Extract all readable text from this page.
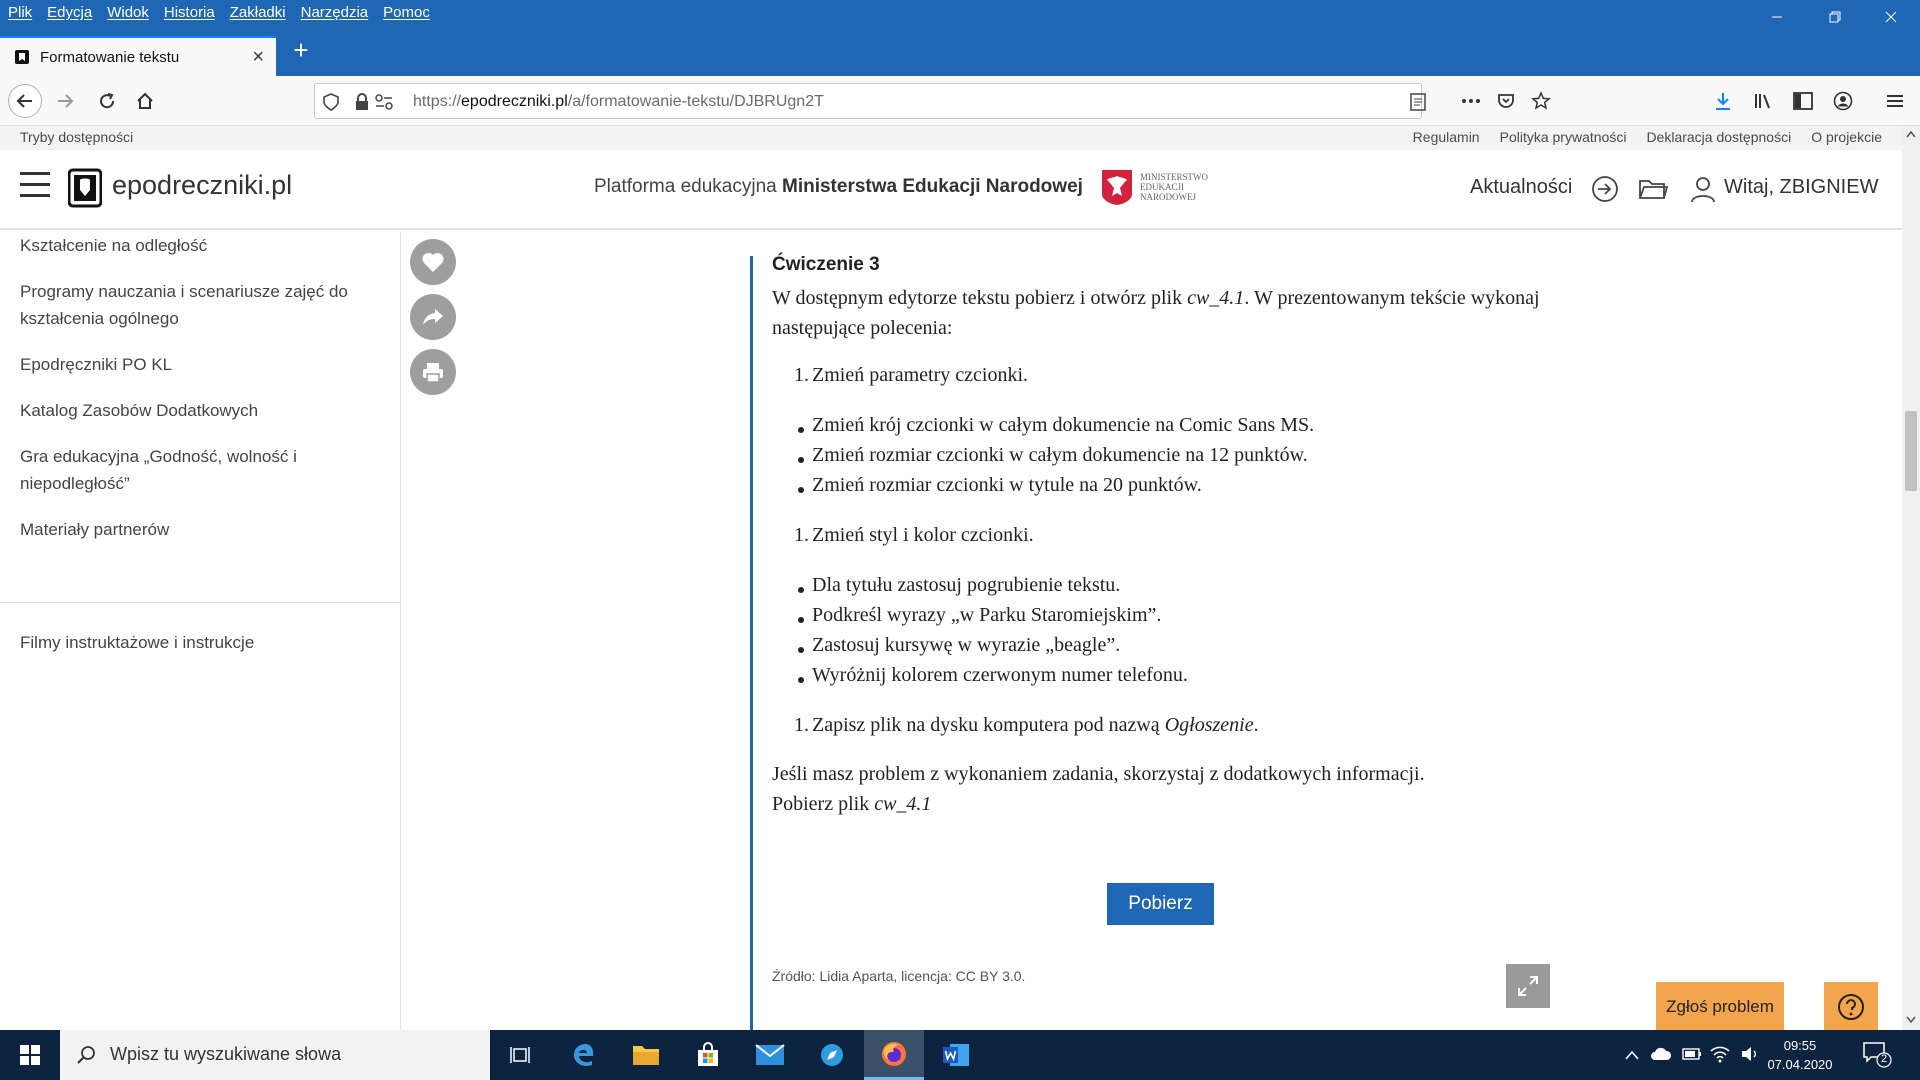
Plik Edycja Widok Historia Zakładki Narzędzia Pomoc
Formatowanie tekstu	× +
https://epodreczniki.pl/a/formatowanie-tekstu/DJBRUgn2T
Tryby dostępności	Regulamin Polityka prywatności Deklaracja dostępności O projekcie
epodreczniki.pl	Platforma edukacyjna Ministerstwa Edukacji Narodowej	MINISTERSTWO
EDUKACJI
NARODOWEJ	Aktualności	Witaj, ZBIGNIEW
Kształcenie na odległość
Programy nauczania i scenariusze zajęć do kształcenia ogólnego
Epodręczniki PO KL
Katalog Zasobów Dodatkowych
Gra edukacyjna „Godność, wolność i niepodległość”
Materiały partnerów
Filmy instruktażowe i instrukcje
Ćwiczenie 3
W dostępnym edytorze tekstu pobierz i otwórz plik cw_4.1. W prezentowanym tekście wykonaj następujące polecenia:
1. Zmień parametry czcionki.
Zmień krój czcionki w całym dokumencie na Comic Sans MS.
Zmień rozmiar czcionki w całym dokumencie na 12 punktów.
Zmień rozmiar czcionki w tytule na 20 punktów.
1. Zmień styl i kolor czcionki.
Dla tytułu zastosuj pogrubienie tekstu.
Podkreśl wyrazy „w Parku Staromiejskim”.
Zastosuj kursywę w wyrazie „beagle”.
Wyróżnij kolorem czerwonym numer telefonu.
1. Zapisz plik na dysku komputera pod nazwą Ogłoszenie.
Jeśli masz problem z wykonaniem zadania, skorzystaj z dodatkowych informacji.
Pobierz plik cw_4.1
Pobierz
Źródło: Lidia Aparta, licencja: CC BY 3.0.
Zgłoś problem
Wpisz tu wyszukiwane słowa	09:55
07.04.2020	2
